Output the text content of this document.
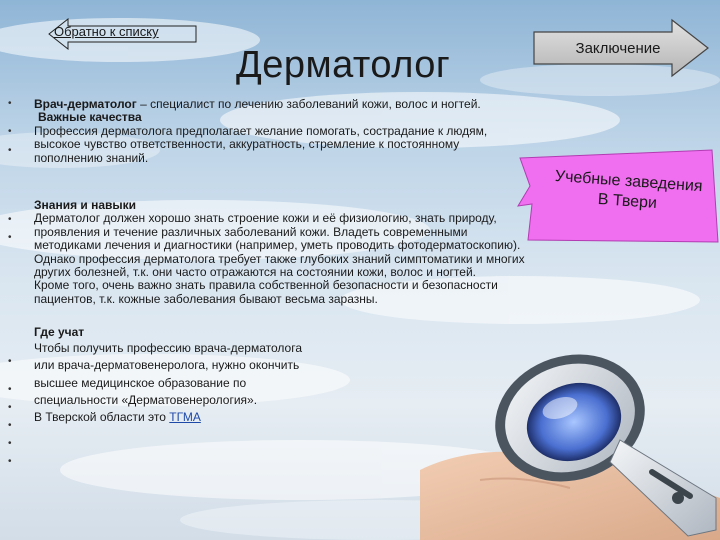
Обратно к списку
Дерматолог	Заключение
Учебные заведения
В Твери
•
•
•
•
•
•
•
•
•
•
•

Врач-дерматолог – специалист по лечению заболеваний кожи, волос и ногтей.

Важные качества

Профессия дерматолога предполагает желание помогать, сострадание к людям, высокое чувство ответственности, аккуратность, стремление к постоянному пополнению знаний.

Знания и навыки

Дерматолог должен хорошо знать строение кожи и её физиологию, знать природу, проявления и течение различных заболеваний кожи. Владеть современными методиками лечения и диагностики (например, уметь проводить фотодерматоскопию).

Однако профессия дерматолога требует также глубоких знаний симптоматики и многих других болезней, т.к. они часто отражаются на состоянии кожи, волос и ногтей.

Кроме того, очень важно знать правила собственной безопасности и безопасности пациентов, т.к. кожные заболевания бывают весьма заразны.

Где учат

Чтобы получить профессию врача-дерматолога

или врача-дерматовенеролога, нужно окончить

высшее медицинское образование по

специальности «Дерматовенерология».

В Тверской области это ТГМА
